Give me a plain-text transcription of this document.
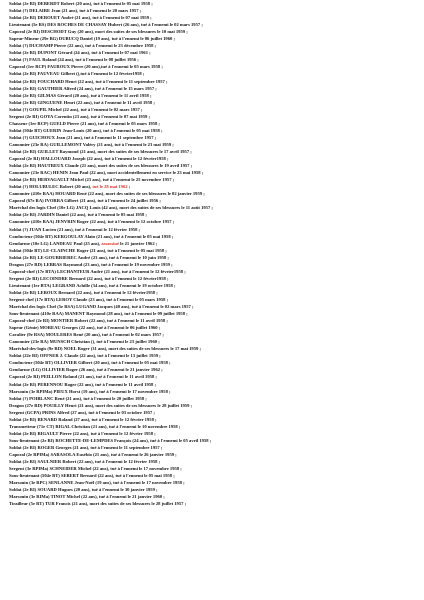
Soldat (2e RI) DEBERDT Robert (20 ans), tué à l'ennemi le 05 mai 1958 ;
Soldat (?) DELAIRE Jean (21 ans), tué à l'ennemi le 20 mars 1957 ;
Soldat (2e RI) DEROUET André (21 ans), tué à l'ennemi le 07 mai 1959 ;
Lieutenant (5e RS) DES ROCHES DE CHASSAY Hubert (26 ans), tué à l'ennemi le 02 mars 1957 ;
Caporal (2e RI) DESCHODT Guy (20 ans), mort des suites de ses blessures le 10 mai 1959 ;
Sapeur-Mineur (29e BG) DUBUCQ Daniel (19 ans), tué à l'ennemi le 06 juillet 1960 ;
Soldat (?) DUCHAMP Pierre (22 ans), tué à l'ennemi le 23 décembre 1958 ;
Soldat (2e RI) DUPONT Gérard (24 ans), tué à l'ennemi le 07 mai 1961 ;
Soldat (?) FAUL Roland (24 ans), tué à l'ennemi le 08 juillet 1956 ;
Caporal (1er RCP) FAUROUX Pierre (20 ans),tué à l'ennemi le 05 mars 1958 ;
Soldat (2e RI) FAUVEAU Gilbert (),tué à l'ennemi le 12 février1958 ;
Soldat (2e RI) FOUCHARD Henri (22 ans), tué à l'ennemi le 11 septembre 1957 ;
Soldat (2e RI) GAUTHIER Alfred (24 ans), tué à l'ennemi le 15 mars 1957 ;
Soldat (2e RI) GILMAS Gérard (20 ans), tué à l'ennemi le 11 avril 1958 ;
Soldat (2e RI) GINGUENE Henri (22 ans), tué à l'ennemi le 11 avril 1958 ;
Soldat (?) GOUPIL Michel (22 ans), tué à l'ennemi le 02 mars 1957 ;
Sergent (2e RI) GOYA Corentin (23 ans), tué à l'ennemi le 07 mai 1959 ;
Chasseur (1er RCP) GUELD Pierre (21 ans), tué à l'ennemi le 05 mars 1958 ;
Soldat (504e BT) GUERIN Jean-Louis (20 ans), tué à l'ennemi le 05 mai 1958 ;
Soldat (?) GUICHOUX Jean (21 ans), tué à l'ennemi le 11 septembre 1957 ;
Canonnier (23e RA) GUILLEMONT Valéry (21 ans), tué à l'ennemi le 23 mai 1959 ;
Soldat (2e RI) GUILLET Raymond (21 ans), mort des suites de ses blessures le 17 avril 1957 ;
Caporal (2e RI) HALLOUARD Joseph (22 ans), tué à l'ennemi le 12 février1958 ;
Soldat (2e RI) HAUTREUX Claude (21 ans), mort des suites de ses blessures le 19 avril 1957 ;
Canonnier (23e RAC) HENIN Jean Paul (22 ans), mort accidentellement en service le 23 mai 1958 ;
Soldat (2e RI) HERVAGAULT Michel (23 ans), tué à l'ennemi le 25 novembre 1957 ;
Soldat (?) HOLUBULEC Robert (20 ans), tué le 28 mai 1962 ;
Canonnier (410e RAA) HOUARD René (22 ans), mort des suites de ses blessures le 02 janvier 1959 ;
Caporal (67e RA) IVORRA Gilbert (21 ans), tué à l'ennemi le 24 juillet 1956 ;
Maréchal des logis Chef (10e LG) JACQ Louis (42 ans), mort des suites de ses blessures le 11 août 1957 ;
Soldat (2e RI) JARDIN Daniel (22 ans), tué à l'ennemi le 05 mai 1958 ;
Canonnier (410e RAA) JENVRIN Roger (22 ans), tué à l'ennemi le 12 octobre 1957 ;
Soldat (?) JUAN Lucien (21 ans), tué à l'ennemi le 12 février 1958 ;
Conducteur (504e BT) KERGOULAY Alain (21 ans), tué à l'ennemi le 05 mai 1958 ;
Gendarme (10e LG) LANDEAU Paul (25 ans), assassiné le 21 janvier 1962 ;
Soldat (504e BT) LE-CLAINCHE Roger (21 ans), tué à l'ennemi le 05 mai 1958 ;
Soldat (2e RI) LE-GOURRIEREC André (23 ans), tué à l'ennemi le 10 juin 1958 ;
Dragon (27e RD) LEBRAS Raymond (23 ans), tué à l'ennemi le 19 novembre 1959 ;
Caporal-chef (17e BTA) LECHANTEUR André (21 ans), tué à l'ennemi le 12 février1958 ;
Sergent (2e RI) LECOINDRE Bernard (22 ans), tué à l'ennemi le 12 février1958 ;
Lieutenant (1er BTA) LEGRAND Achille (34 ans), tué à l'ennemi le 19 octobre 1958 ;
Soldat (2e RI) LEROUX Bernard (22 ans), tué à l'ennemi le 12 février1958 ;
Sergent-chef (17e BTA) LEROY Claude (23 ans), tué à l'ennemi le 05 mars 1958 ;
Maréchal des logis Chef (5e RSA) LUGAND Jacques (40 ans), tué à l'ennemi le 02 mars 1957 ;
Sous-lieutenant (410e RAA) MANENT Raymond (28 ans), tué à l'ennemi le 09 juillet 1958 ;
Caporal-chef (2e RI) MONTIER Robert (22 ans), tué à l'ennemi le 11 avril 1958 ;
Sapeur (Génie) MOREAU Georges (22 ans), tué à l'ennemi le 06 juillet 1960 ;
Cavalier (9e RSA) MOULERES René (20 ans), tué à l'ennemi le 02 mars 1957 ;
Canonnier (23e RA) MUNSCH Christian (), tué à l'ennemi le 23 juillet 1960 ;
Maréchal-des-logis (9e RD) NOEL Roger (31 ans), mort des suites de ses blessures le 17 mai 1959 ;
Soldat (22e RI) OFFNER J. Claude (22 ans), tué à l'ennemi le 13 juillet 1959 ;
Conducteur (504e BT) OLLIVIER Gilbert (20 ans), tué à l'ennemi le 05 mai 1958 ;
Gendarme (LG) OLLIVIER Roger (26 ans), tué à l'ennemi le 21 janvier 1962 ;
Caporal (2e RI) PEILLON Roland (21 ans), tué à l'ennemi le 11 avril 1958 ;
Soldat (2e RI) PERENNOU Roger (22 ans), tué à l'ennemi le 11 avril 1958 ;
Marsouin (3e RPIMa) PIEUX Horst (19 ans), tué à l'ennemi le 17 novembre 1958 ;
Soldat (?) POIBLANC René (21 ans), tué à l'ennemi le 20 juillet 1958 ;
Dragon (27e RD) POUILLY Henri (21 ans), mort des suites de ses blessures le 28 juillet 1959 ;
Sergent (GCPA) PRINS Alfred (27 ans), tué à l'ennemi le 03 octobre 1957 ;
Soldat (2e RI) RENARD Roland (27 ans), tué à l'ennemi le 12 février 1958 ;
Transmetteur (71e CT) RIGAL Christian (21 ans), tué à l'ennemi le 10 novembre 1958 ;
Soldat (2e RI) RIGAULT Pierre (22 ans), tué à l'ennemi le 12 février 1958 ;
Sous-lieutenant (2e RI) ROCHETTE-DE-LEMPDES François (24 ans), tué à l'ennemi le 05 avril 1958 ;
Soldat (2e RI) ROGER Georges (21 ans), tué à l'ennemi le 11 septembre 1957 ;
Caporal (2e RPIMa) SARASOLA Eusébio (21 ans), tué à l'ennemi le 26 janvier 1959 ;
Soldat (2e RI) SAULNIER Robert (22 ans), tué à l'ennemi le 12 février 1958 ;
Sergent (3e RPIMa) SCHNEIDER Michel (22 ans), tué à l'ennemi le 17 novembre 1958 ;
Sous-lieutenant (504e BT) SEBERT Bernard (22 ans), tué à l'ennemi le 05 mai 1958 ;
Marsouin (3e RPC) SENLANNE Jean-Noël (19 ans), tué à l'ennemi le 17 novembre 1958 ;
Soldat (2e RI) SOUARD Hugues (20 ans), tué à l'ennemi le 30 janvier 1959 ;
Marsouin (3e RIMa) TINOT Michel (22 ans), tué à l'ennemi le 21 janvier 1960 ;
Tirailleur (5e RT) TUR Francis (21 ans), mort des suites de ses blessures le 28 juillet 1957 ;
